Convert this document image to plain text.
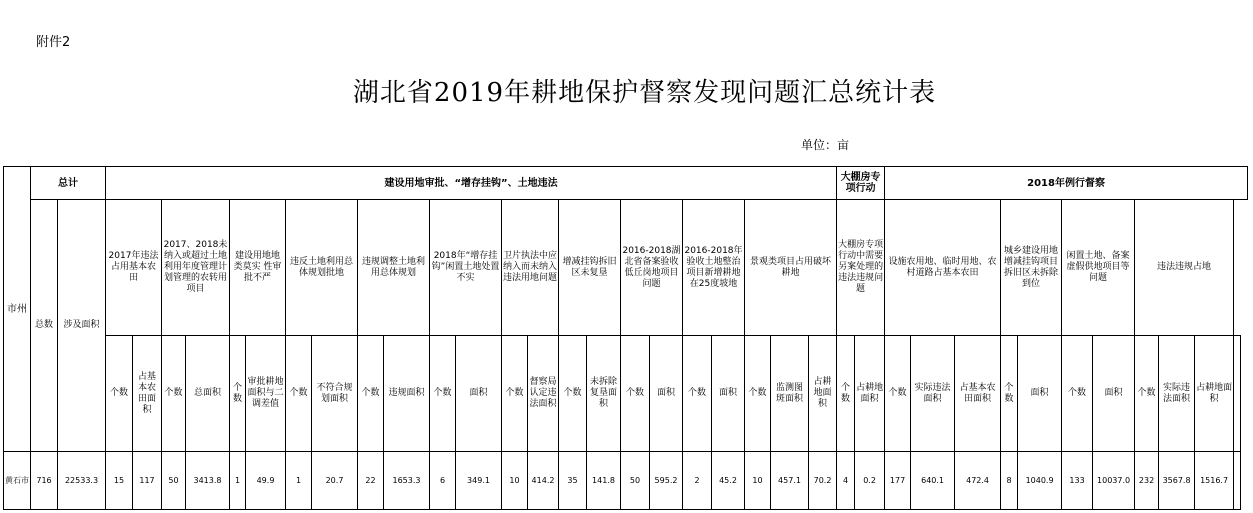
附件2
湖北省2019年耕地保护督察发现问题汇总统计表
单位：亩
市州	总计		建设用地审批、“增存挂钩”、土地违法																							大棚房专项行动		2018年例行督察										
	总数	涉及面积	2017年违法占用基本农田		2017、2018未纳入或超过土地利用年度管理计划管理的农转用项目		建设用地地类莫实 性审批不严		违反土地利用总体规划批地		违规调整土地利用总体规划		2018年“增存挂钩”闲置土地处置不实		卫片执法中应纳入而未纳入违法用地问题		增减挂钩拆旧区未复垦		2016-2018湖北省备案验收低丘岗地项目问题		2016-2018年验收土地整治项目新增耕地在25度坡地		景观类项目占用破坏耕地			大棚房专项行动中需要另案处理的违法违规问题		设施农用地、临时用地、农村道路占基本农田			城乡建设用地增减挂钩项目拆旧区未拆除到位		闲置土地、备案虚假供地项目等问题		违法违规占地			
			个数	占基本农田面积	个数	总面积	个数	审批耕地面积与二调差值	个数	不符合规划面积	个数	违规面积	个数	面积	个数	督察局认定违法面积	个数	未拆除复垦面积	个数	面积	个数	面积	个数	监测图斑面积	占耕地面积	个数	占耕地面积	个数	实际违法面积	占基本农田面积	个数	面积	个数	面积	个数	实际违法面积	占耕地面积	
黄石市	716	22533.3	15	117	50	3413.8	1	49.9	1	20.7	22	1653.3	6	349.1	10	414.2	35	141.8	50	595.2	2	45.2	10	457.1	70.2	4	0.2	177	640.1	472.4	8	1040.9	133	10037.0	232	3567.8	1516.7	
